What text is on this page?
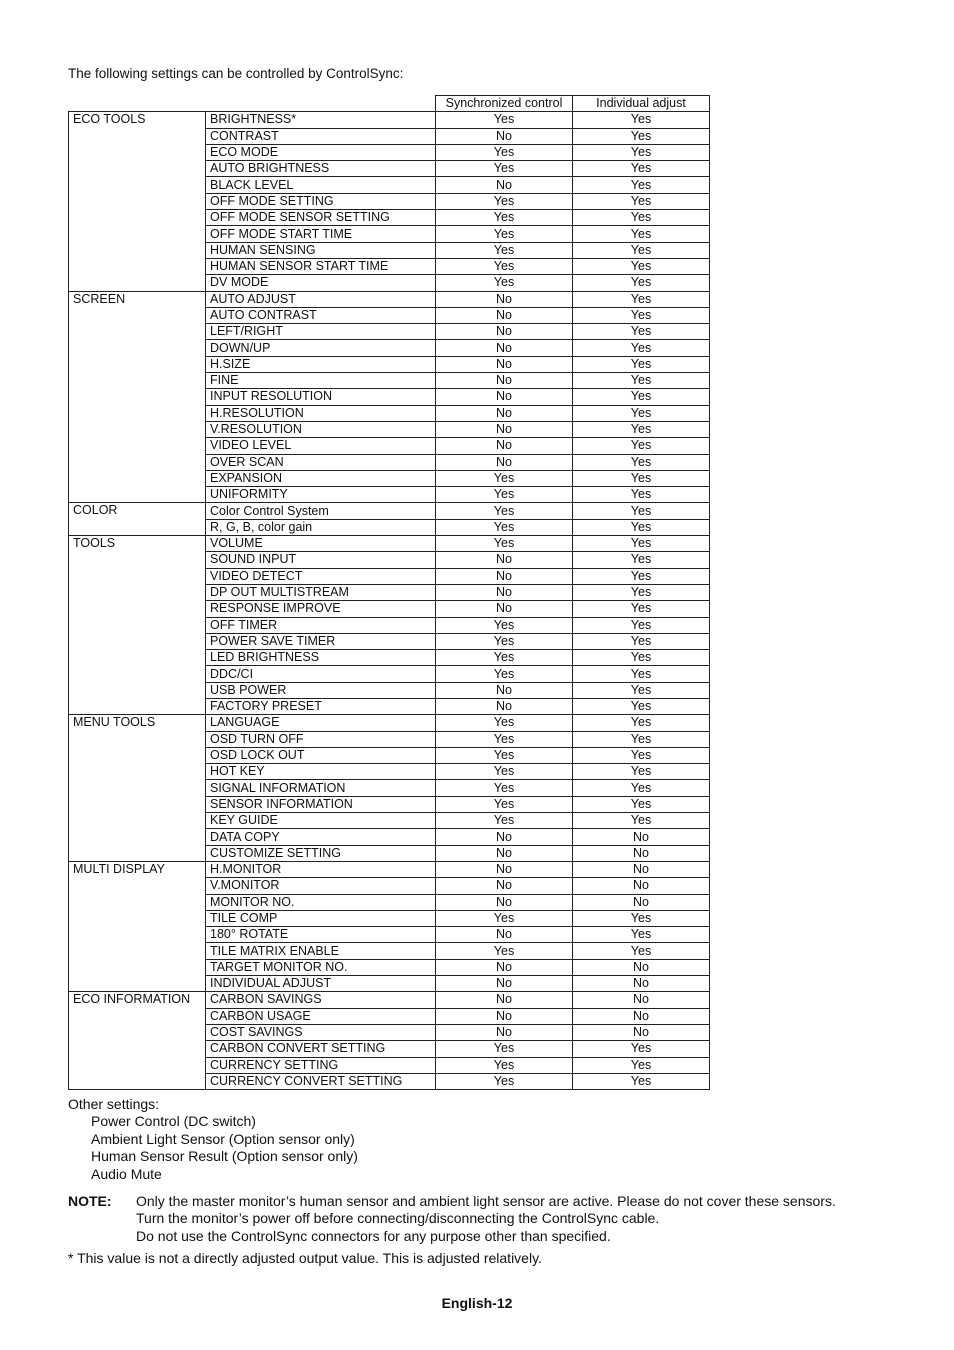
The following settings can be controlled by ControlSync:
		Synchronized control	Individual adjust
ECO TOOLS	BRIGHTNESS*	Yes	Yes
	CONTRAST	No	Yes
	ECO MODE	Yes	Yes
	AUTO BRIGHTNESS	Yes	Yes
	BLACK LEVEL	No	Yes
	OFF MODE SETTING	Yes	Yes
	OFF MODE SENSOR SETTING	Yes	Yes
	OFF MODE START TIME	Yes	Yes
	HUMAN SENSING	Yes	Yes
	HUMAN SENSOR START TIME	Yes	Yes
	DV MODE	Yes	Yes
SCREEN	AUTO ADJUST	No	Yes
	AUTO CONTRAST	No	Yes
	LEFT/RIGHT	No	Yes
	DOWN/UP	No	Yes
	H.SIZE	No	Yes
	FINE	No	Yes
	INPUT RESOLUTION	No	Yes
	H.RESOLUTION	No	Yes
	V.RESOLUTION	No	Yes
	VIDEO LEVEL	No	Yes
	OVER SCAN	No	Yes
	EXPANSION	Yes	Yes
	UNIFORMITY	Yes	Yes
COLOR	Color Control System	Yes	Yes
	R, G, B, color gain	Yes	Yes
TOOLS	VOLUME	Yes	Yes
	SOUND INPUT	No	Yes
	VIDEO DETECT	No	Yes
	DP OUT MULTISTREAM	No	Yes
	RESPONSE IMPROVE	No	Yes
	OFF TIMER	Yes	Yes
	POWER SAVE TIMER	Yes	Yes
	LED BRIGHTNESS	Yes	Yes
	DDC/CI	Yes	Yes
	USB POWER	No	Yes
	FACTORY PRESET	No	Yes
MENU TOOLS	LANGUAGE	Yes	Yes
	OSD TURN OFF	Yes	Yes
	OSD LOCK OUT	Yes	Yes
	HOT KEY	Yes	Yes
	SIGNAL INFORMATION	Yes	Yes
	SENSOR INFORMATION	Yes	Yes
	KEY GUIDE	Yes	Yes
	DATA COPY	No	No
	CUSTOMIZE SETTING	No	No
MULTI DISPLAY	H.MONITOR	No	No
	V.MONITOR	No	No
	MONITOR NO.	No	No
	TILE COMP	Yes	Yes
	180° ROTATE	No	Yes
	TILE MATRIX ENABLE	Yes	Yes
	TARGET MONITOR NO.	No	No
	INDIVIDUAL ADJUST	No	No
ECO INFORMATION	CARBON SAVINGS	No	No
	CARBON USAGE	No	No
	COST SAVINGS	No	No
	CARBON CONVERT SETTING	Yes	Yes
	CURRENCY SETTING	Yes	Yes
	CURRENCY CONVERT SETTING	Yes	Yes
Other settings:
Power Control (DC switch)
Ambient Light Sensor (Option sensor only)
Human Sensor Result (Option sensor only)
Audio Mute
NOTE:	Only the master monitor’s human sensor and ambient light sensor are active. Please do not cover these sensors.
Turn the monitor’s power off before connecting/disconnecting the ControlSync cable.
Do not use the ControlSync connectors for any purpose other than specified.
* This value is not a directly adjusted output value. This is adjusted relatively.
English-12
